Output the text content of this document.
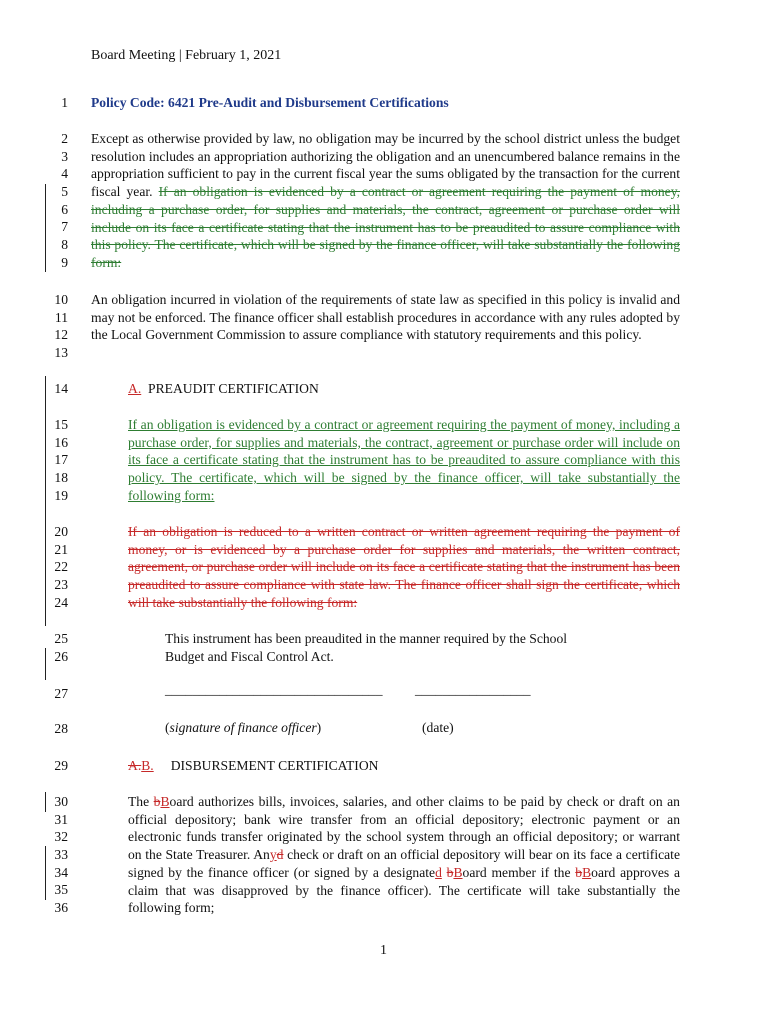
Board Meeting | February 1, 2021
1 Policy Code: 6421 Pre-Audit and Disbursement Certifications
2
3
4
5
6
7
8
9
Except as otherwise provided by law, no obligation may be incurred by the school district unless the budget resolution includes an appropriation authorizing the obligation and an unencumbered balance remains in the appropriation sufficient to pay in the current fiscal year the sums obligated by the transaction for the current fiscal year. If an obligation is evidenced by a contract or agreement requiring the payment of money, including a purchase order, for supplies and materials, the contract, agreement or purchase order will include on its face a certificate stating that the instrument has to be preaudited to assure compliance with this policy. The certificate, which will be signed by the finance officer, will take substantially the following form:
10
11
12
13
An obligation incurred in violation of the requirements of state law as specified in this policy is invalid and may not be enforced. The finance officer shall establish procedures in accordance with any rules adopted by the Local Government Commission to assure compliance with statutory requirements and this policy.
14	A. PREAUDIT CERTIFICATION
15
16
17
18
19
If an obligation is evidenced by a contract or agreement requiring the payment of money, including a purchase order, for supplies and materials, the contract, agreement or purchase order will include on its face a certificate stating that the instrument has to be preaudited to assure compliance with this policy. The certificate, which will be signed by the finance officer, will take substantially the following form:
20
21
22
23
24
If an obligation is reduced to a written contract or written agreement requiring the payment of money, or is evidenced by a purchase order for supplies and materials, the written contract, agreement, or purchase order will include on its face a certificate stating that the instrument has been preaudited to assure compliance with state law. The finance officer shall sign the certificate, which will take substantially the following form:
25
26
This instrument has been preaudited in the manner required by the School
Budget and Fiscal Control Act.
27	________________________________ _________________
28	(signature of finance officer)	(date)
29	A.B. DISBURSEMENT CERTIFICATION
30
31
32
33
34
35
36
The bBoard authorizes bills, invoices, salaries, and other claims to be paid by check or draft on an official depository; bank wire transfer from an official depository; electronic payment or an electronic funds transfer originated by the school system through an official depository; or warrant on the State Treasurer. Anyd check or draft on an official depository will bear on its face a certificate signed by the finance officer (or signed by a designated bBoard member if the bBoard approves a claim that was disapproved by the finance officer). The certificate will take substantially the following form;
1
